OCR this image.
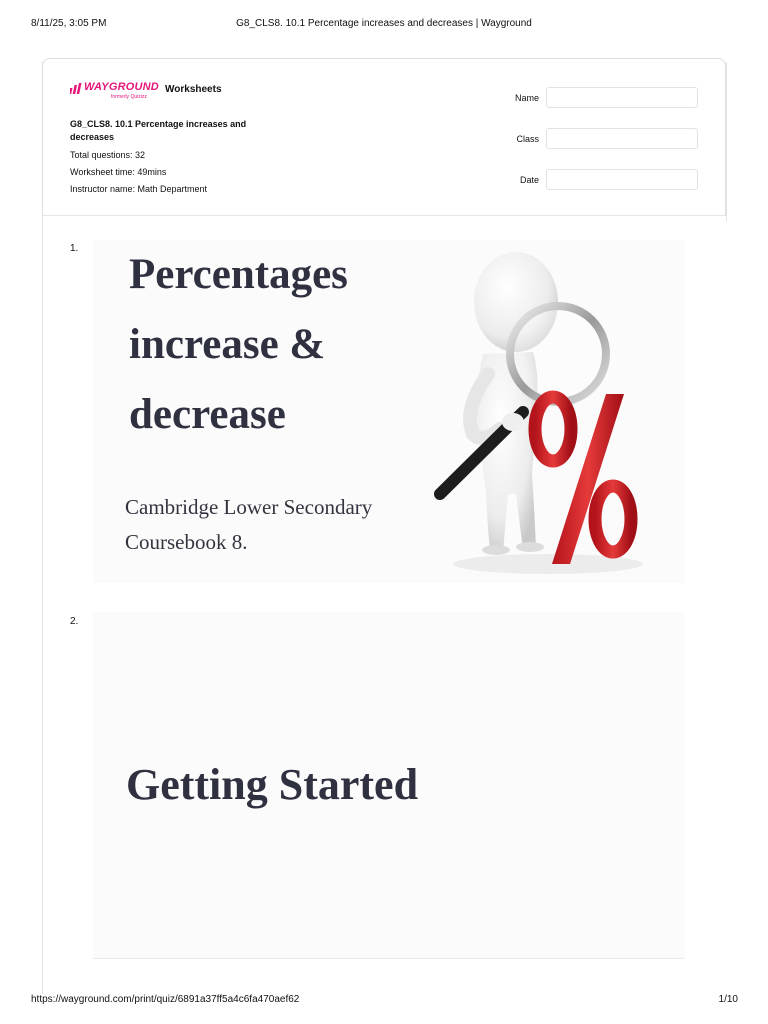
8/11/25, 3:05 PM	G8_CLS8. 10.1 Percentage increases and decreases | Wayground
WAYGROUND
formerly Quizizz
Worksheets
G8_CLS8. 10.1 Percentage increases and decreases
Total questions: 32
Worksheet time: 49mins
Instructor name: Math Department
Name
Class
Date
1.
Percentages
increase &
decrease
Cambridge Lower Secondary
Coursebook 8.
2.
Getting Started
https://wayground.com/print/quiz/6891a37ff5a4c6fa470aef62	1/10
